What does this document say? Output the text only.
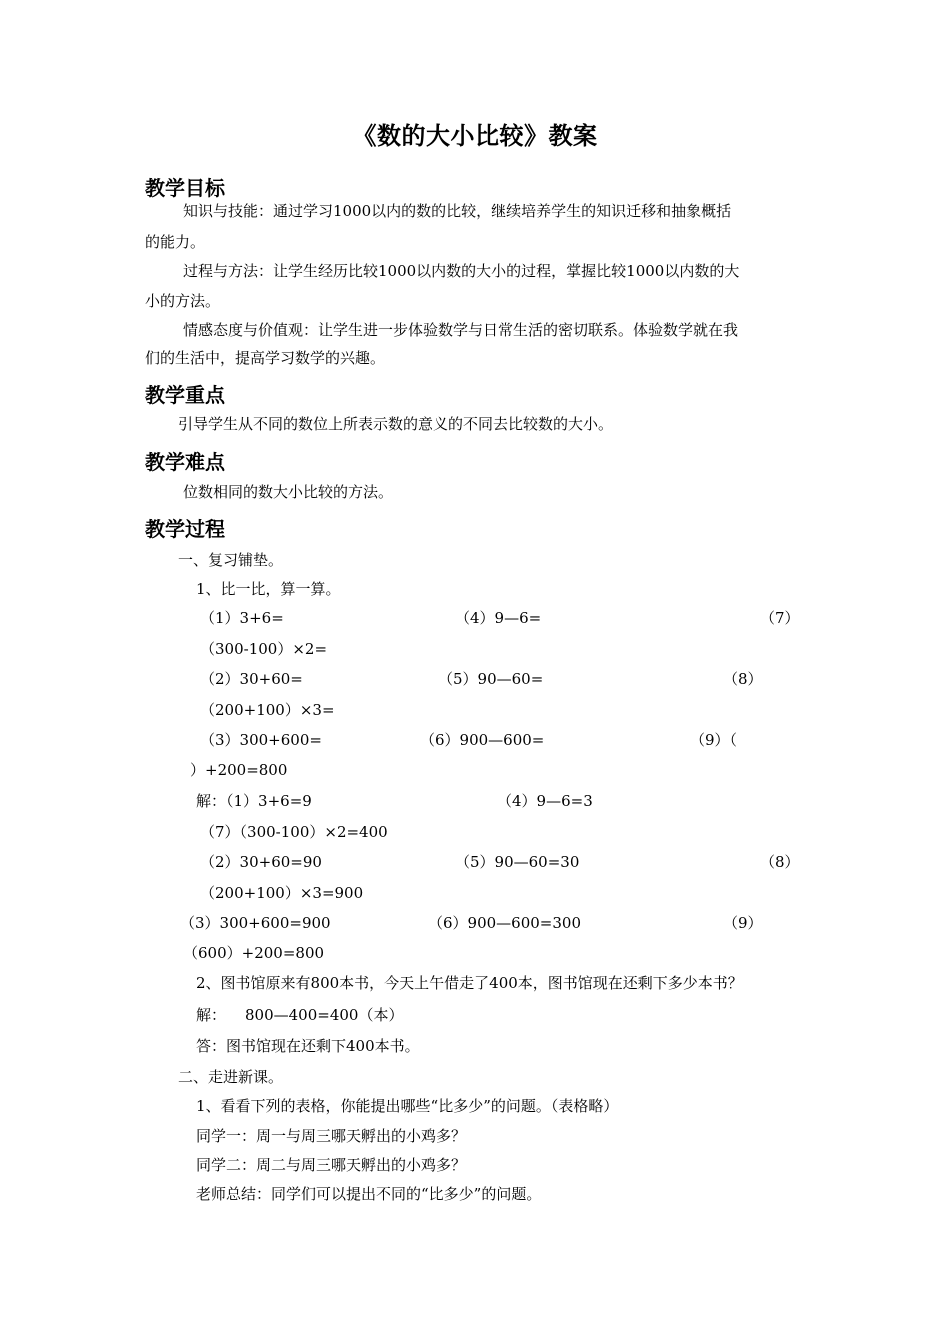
《数的大小比较》教案
教学目标
知识与技能：通过学习1000以内的数的比较，继续培养学生的知识迁移和抽象概括
的能力。
过程与方法：让学生经历比较1000以内数的大小的过程，掌握比较1000以内数的大
小的方法。
情感态度与价值观：让学生进一步体验数学与日常生活的密切联系。体验数学就在我
们的生活中，提高学习数学的兴趣。
教学重点
引导学生从不同的数位上所表示数的意义的不同去比较数的大小。
教学难点
位数相同的数大小比较的方法。
教学过程
一、复习铺垫。
1、比一比，算一算。
（1）3+6=	（4）9—6=	（7）
（300-100）×2=
（2）30+60=	（5）90—60=	（8）
（200+100）×3=
（3）300+600=	（6）900—600=	（9）（
）+200=800
解：（1）3+6=9	（4）9—6=3
（7）（300-100）×2=400
（2）30+60=90	（5）90—60=30	（8）
（200+100）×3=900
（3）300+600=900	（6）900—600=300	（9）
（600）+200=800
2、图书馆原来有800本书，今天上午借走了400本，图书馆现在还剩下多少本书？
解： 800—400=400（本）
答：图书馆现在还剩下400本书。
二、走进新课。
1、看看下列的表格，你能提出哪些“比多少”的问题。（表格略）
同学一：周一与周三哪天孵出的小鸡多？
同学二：周二与周三哪天孵出的小鸡多？
老师总结：同学们可以提出不同的“比多少”的问题。
